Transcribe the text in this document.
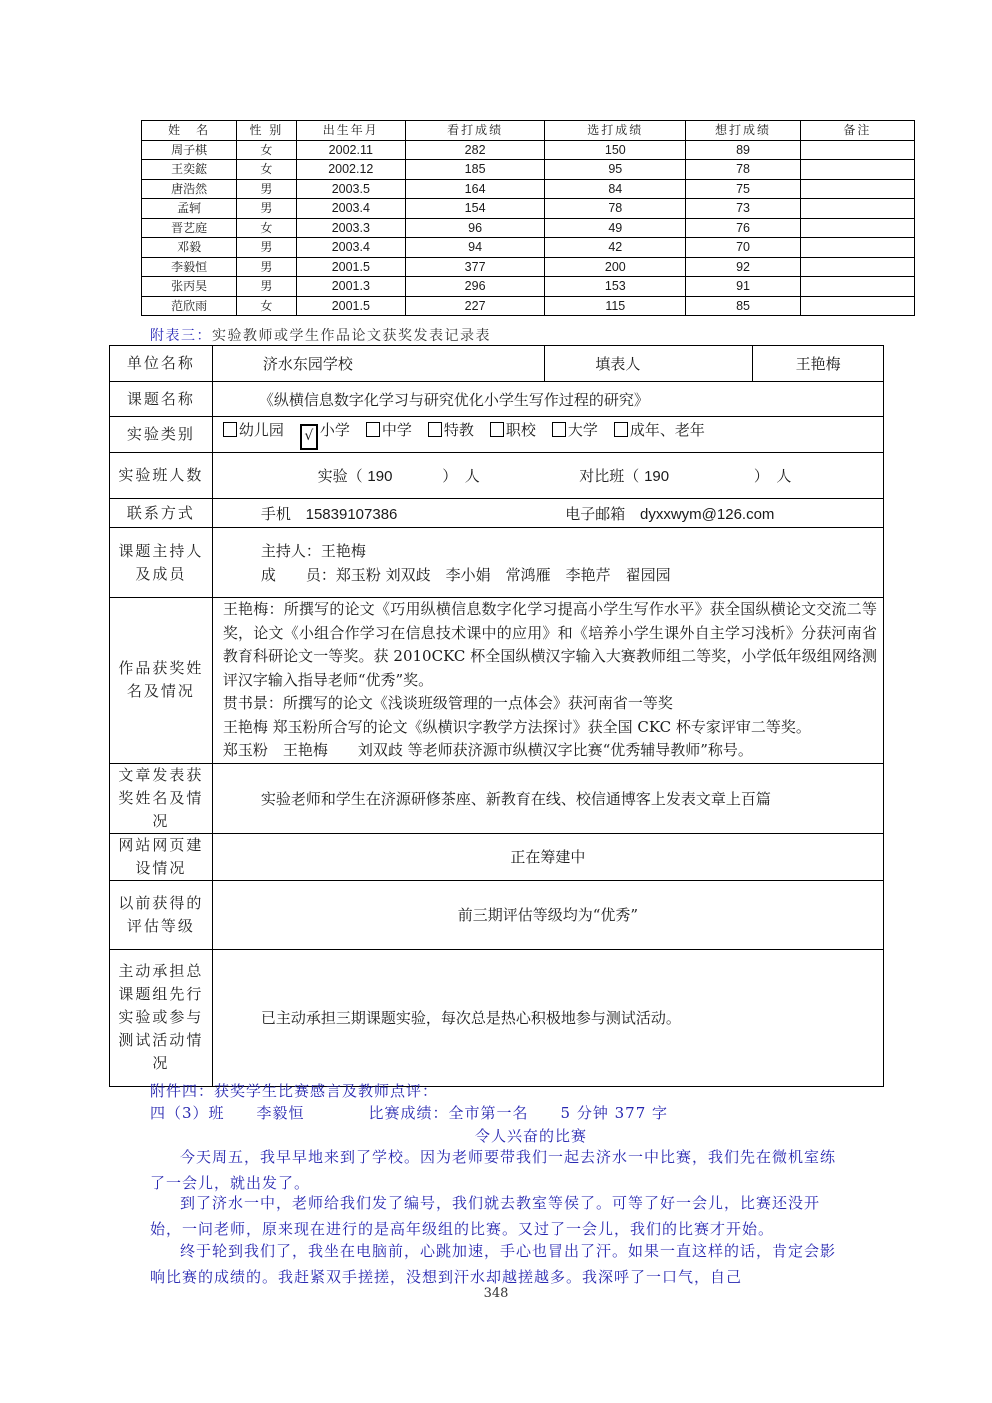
姓　名	性 别	出生年月	看打成绩	选打成绩	想打成绩	备注
周子棋	女	2002.11	282	150	89	
王奕鋐	女	2002.12	185	95	78	
唐浩然	男	2003.5	164	84	75	
孟轲	男	2003.4	154	78	73	
晋艺庭	女	2003.3	96	49	76	
邓毅	男	2003.4	94	42	70	
李毅恒	男	2001.5	377	200	92	
张丙昊	男	2001.3	296	153	91	
范欣雨	女	2001.5	227	115	85	
附表三：实验教师或学生作品论文获奖发表记录表
单位名称	济水东园学校	填表人	王艳梅
课题名称	《纵横信息数字化学习与研究优化小学生写作过程的研究》		
实验类别	幼儿园 √ 小学 中学 特教 职校 大学 成年、老年		
实验班人数	实验（ 190 ）　人 对比班（ 190 ）　人		
联系方式	手机 15839107386 电子邮箱 dyxxwym@126.com		
课题主持人及成员	主持人：王艳梅
成　　员：郑玉粉 刘双歧　李小娟　常鸿雁　李艳芹　翟园园		

作品获奖姓名及情况	王艳梅：所撰写的论文《巧用纵横信息数字化学习提高小学生写作水平》获全国纵横论文交流二等奖，论文《小组合作学习在信息技术课中的应用》和《培养小学生课外自主学习浅析》分获河南省教育科研论文一等奖。获 2010CKC 杯全国纵横汉字输入大赛教师组二等奖，小学低年级组网络测评汉字输入指导老师“优秀”奖。

贯书景：所撰写的论文《浅谈班级管理的一点体会》获河南省一等奖

王艳梅 郑玉粉所合写的论文《纵横识字教学方法探讨》获全国 CKC 杯专家评审二等奖。

郑玉粉　王艳梅　　刘双歧 等老师获济源市纵横汉字比赛“优秀辅导教师”称号。		

文章发表获奖姓名及情况	实验老师和学生在济源研修茶座、新教育在线、校信通博客上发表文章上百篇		
网站网页建设情况	正在筹建中		
以前获得的评估等级	前三期评估等级均为“优秀”		
主动承担总课题组先行实验或参与测试活动情况	已主动承担三期课题实验，每次总是热心积极地参与测试活动。		
附件四：获奖学生比赛感言及教师点评：
四（3）班　　李毅恒　　　　比赛成绩：全市第一名　　5 分钟 377 字
令人兴奋的比赛
今天周五，我早早地来到了学校。因为老师要带我们一起去济水一中比赛，我们先在微机室练了一会儿，就出发了。
到了济水一中，老师给我们发了编号，我们就去教室等侯了。可等了好一会儿，比赛还没开始，一问老师，原来现在进行的是高年级组的比赛。又过了一会儿，我们的比赛才开始。
终于轮到我们了，我坐在电脑前，心跳加速，手心也冒出了汗。如果一直这样的话，肯定会影响比赛的成绩的。我赶紧双手搓搓，没想到汗水却越搓越多。我深呼了一口气，自己
348
